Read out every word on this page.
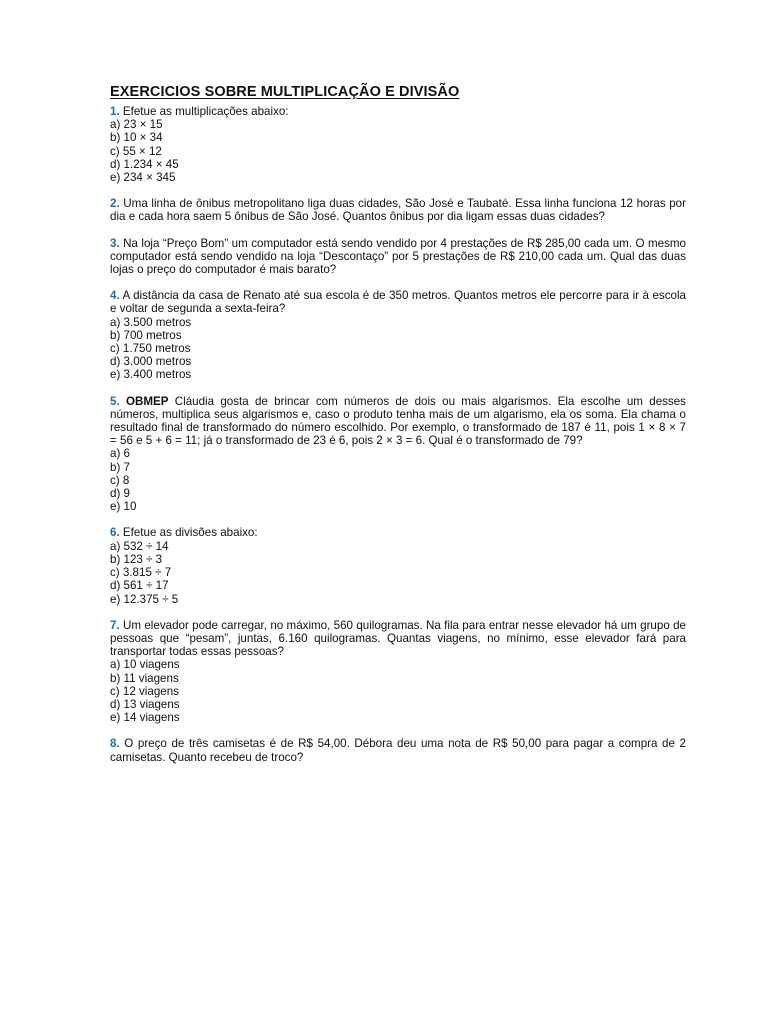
EXERCICIOS SOBRE MULTIPLICAÇÃO E DIVISÃO
1. Efetue as multiplicações abaixo:
a) 23 × 15
b) 10 × 34
c) 55 × 12
d) 1.234 × 45
e) 234 × 345
2. Uma linha de ônibus metropolitano liga duas cidades, São José e Taubaté. Essa linha funciona 12 horas por dia e cada hora saem 5 ônibus de São José. Quantos ônibus por dia ligam essas duas cidades?
3. Na loja “Preço Bom” um computador está sendo vendido por 4 prestações de R$ 285,00 cada um. O mesmo computador está sendo vendido na loja “Descontaço” por 5 prestações de R$ 210,00 cada um. Qual das duas lojas o preço do computador é mais barato?
4. A distância da casa de Renato até sua escola é de 350 metros. Quantos metros ele percorre para ir à escola e voltar de segunda a sexta-feira?
a) 3.500 metros
b) 700 metros
c) 1.750 metros
d) 3.000 metros
e) 3.400 metros
5. OBMEP Cláudia gosta de brincar com números de dois ou mais algarismos. Ela escolhe um desses números, multiplica seus algarismos e, caso o produto tenha mais de um algarismo, ela os soma. Ela chama o resultado final de transformado do número escolhido. Por exemplo, o transformado de 187 é 11, pois 1 × 8 × 7 = 56 e 5 + 6 = 11; já o transformado de 23 é 6, pois 2 × 3 = 6. Qual é o transformado de 79?
a) 6
b) 7
c) 8
d) 9
e) 10
6. Efetue as divisões abaixo:
a) 532 ÷ 14
b) 123 ÷ 3
c) 3.815 ÷ 7
d) 561 ÷ 17
e) 12.375 ÷ 5
7. Um elevador pode carregar, no máximo, 560 quilogramas. Na fila para entrar nesse elevador há um grupo de pessoas que “pesam”, juntas, 6.160 quilogramas. Quantas viagens, no mínimo, esse elevador fará para transportar todas essas pessoas?
a) 10 viagens
b) 11 viagens
c) 12 viagens
d) 13 viagens
e) 14 viagens
8. O preço de três camisetas é de R$ 54,00. Débora deu uma nota de R$ 50,00 para pagar a compra de 2 camisetas. Quanto recebeu de troco?
